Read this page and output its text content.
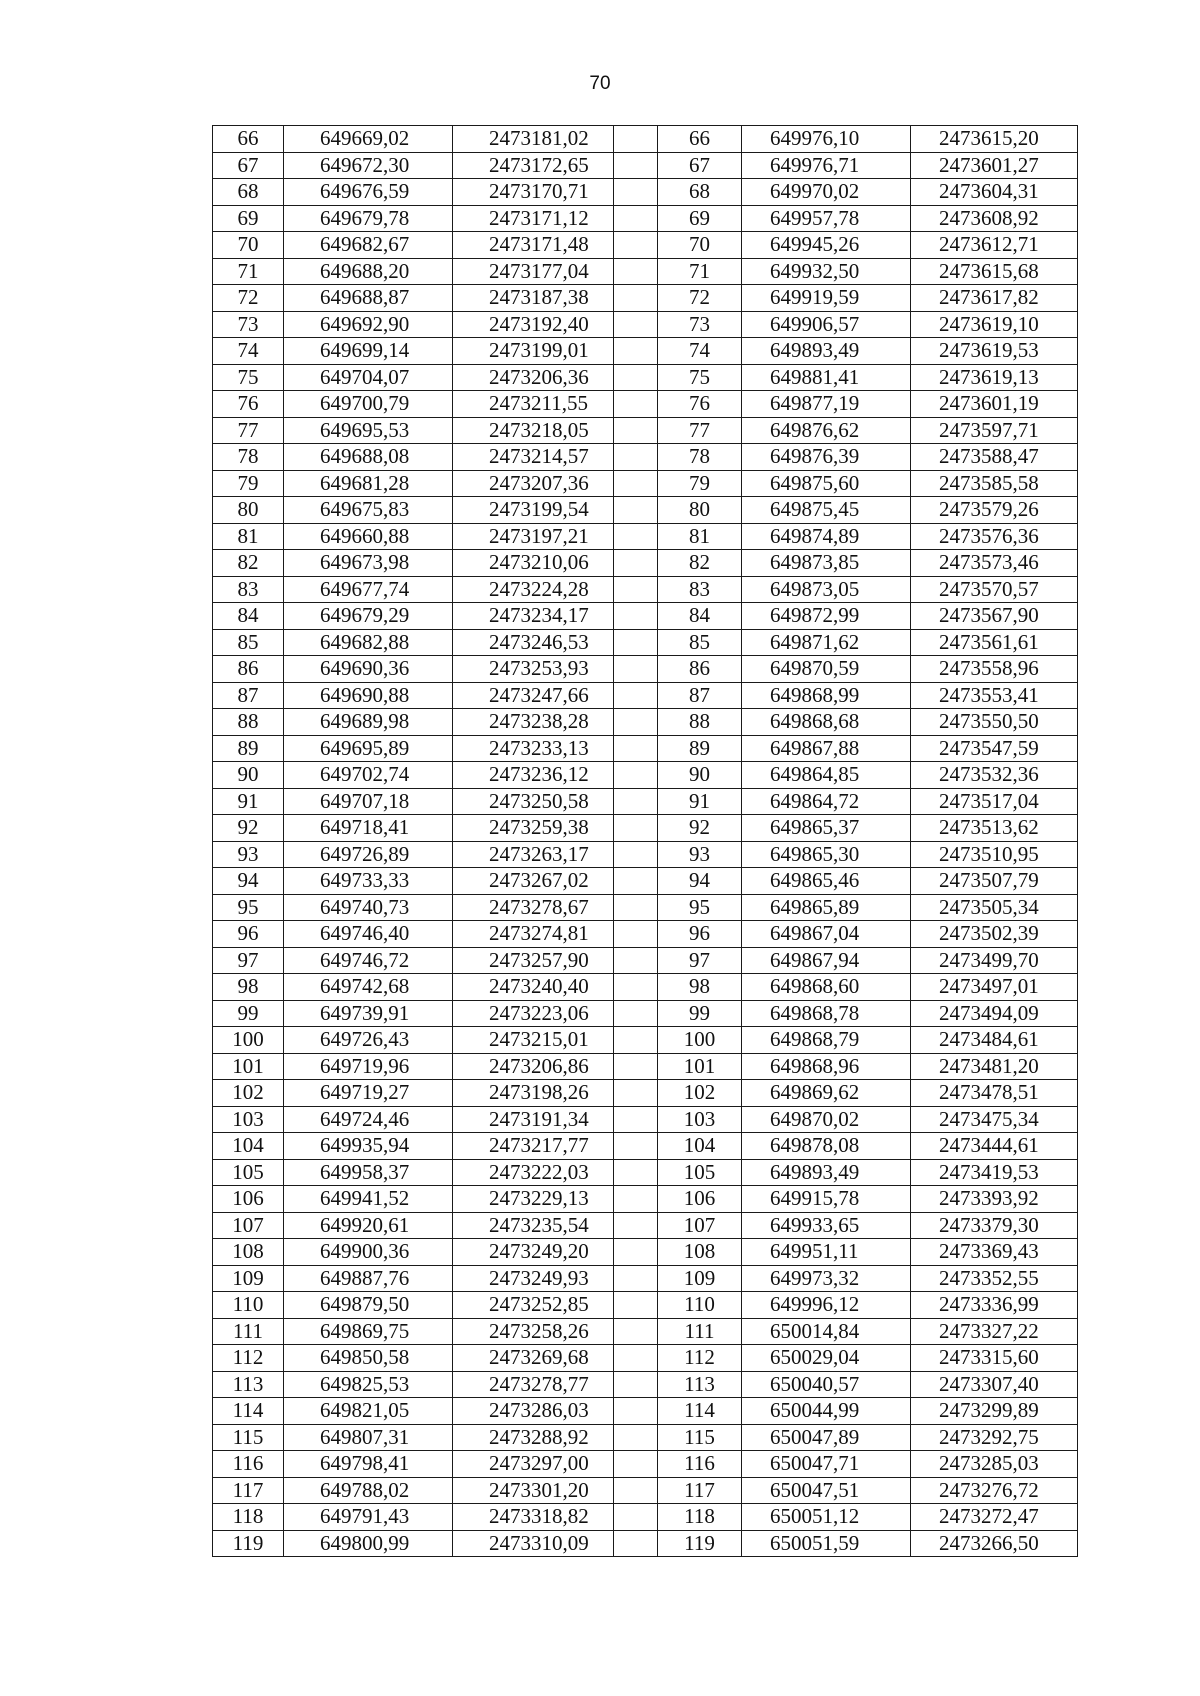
70
66	649669,02	2473181,02		66	649976,10	2473615,20
67	649672,30	2473172,65		67	649976,71	2473601,27
68	649676,59	2473170,71		68	649970,02	2473604,31
69	649679,78	2473171,12		69	649957,78	2473608,92
70	649682,67	2473171,48		70	649945,26	2473612,71
71	649688,20	2473177,04		71	649932,50	2473615,68
72	649688,87	2473187,38		72	649919,59	2473617,82
73	649692,90	2473192,40		73	649906,57	2473619,10
74	649699,14	2473199,01		74	649893,49	2473619,53
75	649704,07	2473206,36		75	649881,41	2473619,13
76	649700,79	2473211,55		76	649877,19	2473601,19
77	649695,53	2473218,05		77	649876,62	2473597,71
78	649688,08	2473214,57		78	649876,39	2473588,47
79	649681,28	2473207,36		79	649875,60	2473585,58
80	649675,83	2473199,54		80	649875,45	2473579,26
81	649660,88	2473197,21		81	649874,89	2473576,36
82	649673,98	2473210,06		82	649873,85	2473573,46
83	649677,74	2473224,28		83	649873,05	2473570,57
84	649679,29	2473234,17		84	649872,99	2473567,90
85	649682,88	2473246,53		85	649871,62	2473561,61
86	649690,36	2473253,93		86	649870,59	2473558,96
87	649690,88	2473247,66		87	649868,99	2473553,41
88	649689,98	2473238,28		88	649868,68	2473550,50
89	649695,89	2473233,13		89	649867,88	2473547,59
90	649702,74	2473236,12		90	649864,85	2473532,36
91	649707,18	2473250,58		91	649864,72	2473517,04
92	649718,41	2473259,38		92	649865,37	2473513,62
93	649726,89	2473263,17		93	649865,30	2473510,95
94	649733,33	2473267,02		94	649865,46	2473507,79
95	649740,73	2473278,67		95	649865,89	2473505,34
96	649746,40	2473274,81		96	649867,04	2473502,39
97	649746,72	2473257,90		97	649867,94	2473499,70
98	649742,68	2473240,40		98	649868,60	2473497,01
99	649739,91	2473223,06		99	649868,78	2473494,09
100	649726,43	2473215,01		100	649868,79	2473484,61
101	649719,96	2473206,86		101	649868,96	2473481,20
102	649719,27	2473198,26		102	649869,62	2473478,51
103	649724,46	2473191,34		103	649870,02	2473475,34
104	649935,94	2473217,77		104	649878,08	2473444,61
105	649958,37	2473222,03		105	649893,49	2473419,53
106	649941,52	2473229,13		106	649915,78	2473393,92
107	649920,61	2473235,54		107	649933,65	2473379,30
108	649900,36	2473249,20		108	649951,11	2473369,43
109	649887,76	2473249,93		109	649973,32	2473352,55
110	649879,50	2473252,85		110	649996,12	2473336,99
111	649869,75	2473258,26		111	650014,84	2473327,22
112	649850,58	2473269,68		112	650029,04	2473315,60
113	649825,53	2473278,77		113	650040,57	2473307,40
114	649821,05	2473286,03		114	650044,99	2473299,89
115	649807,31	2473288,92		115	650047,89	2473292,75
116	649798,41	2473297,00		116	650047,71	2473285,03
117	649788,02	2473301,20		117	650047,51	2473276,72
118	649791,43	2473318,82		118	650051,12	2473272,47
119	649800,99	2473310,09		119	650051,59	2473266,50
